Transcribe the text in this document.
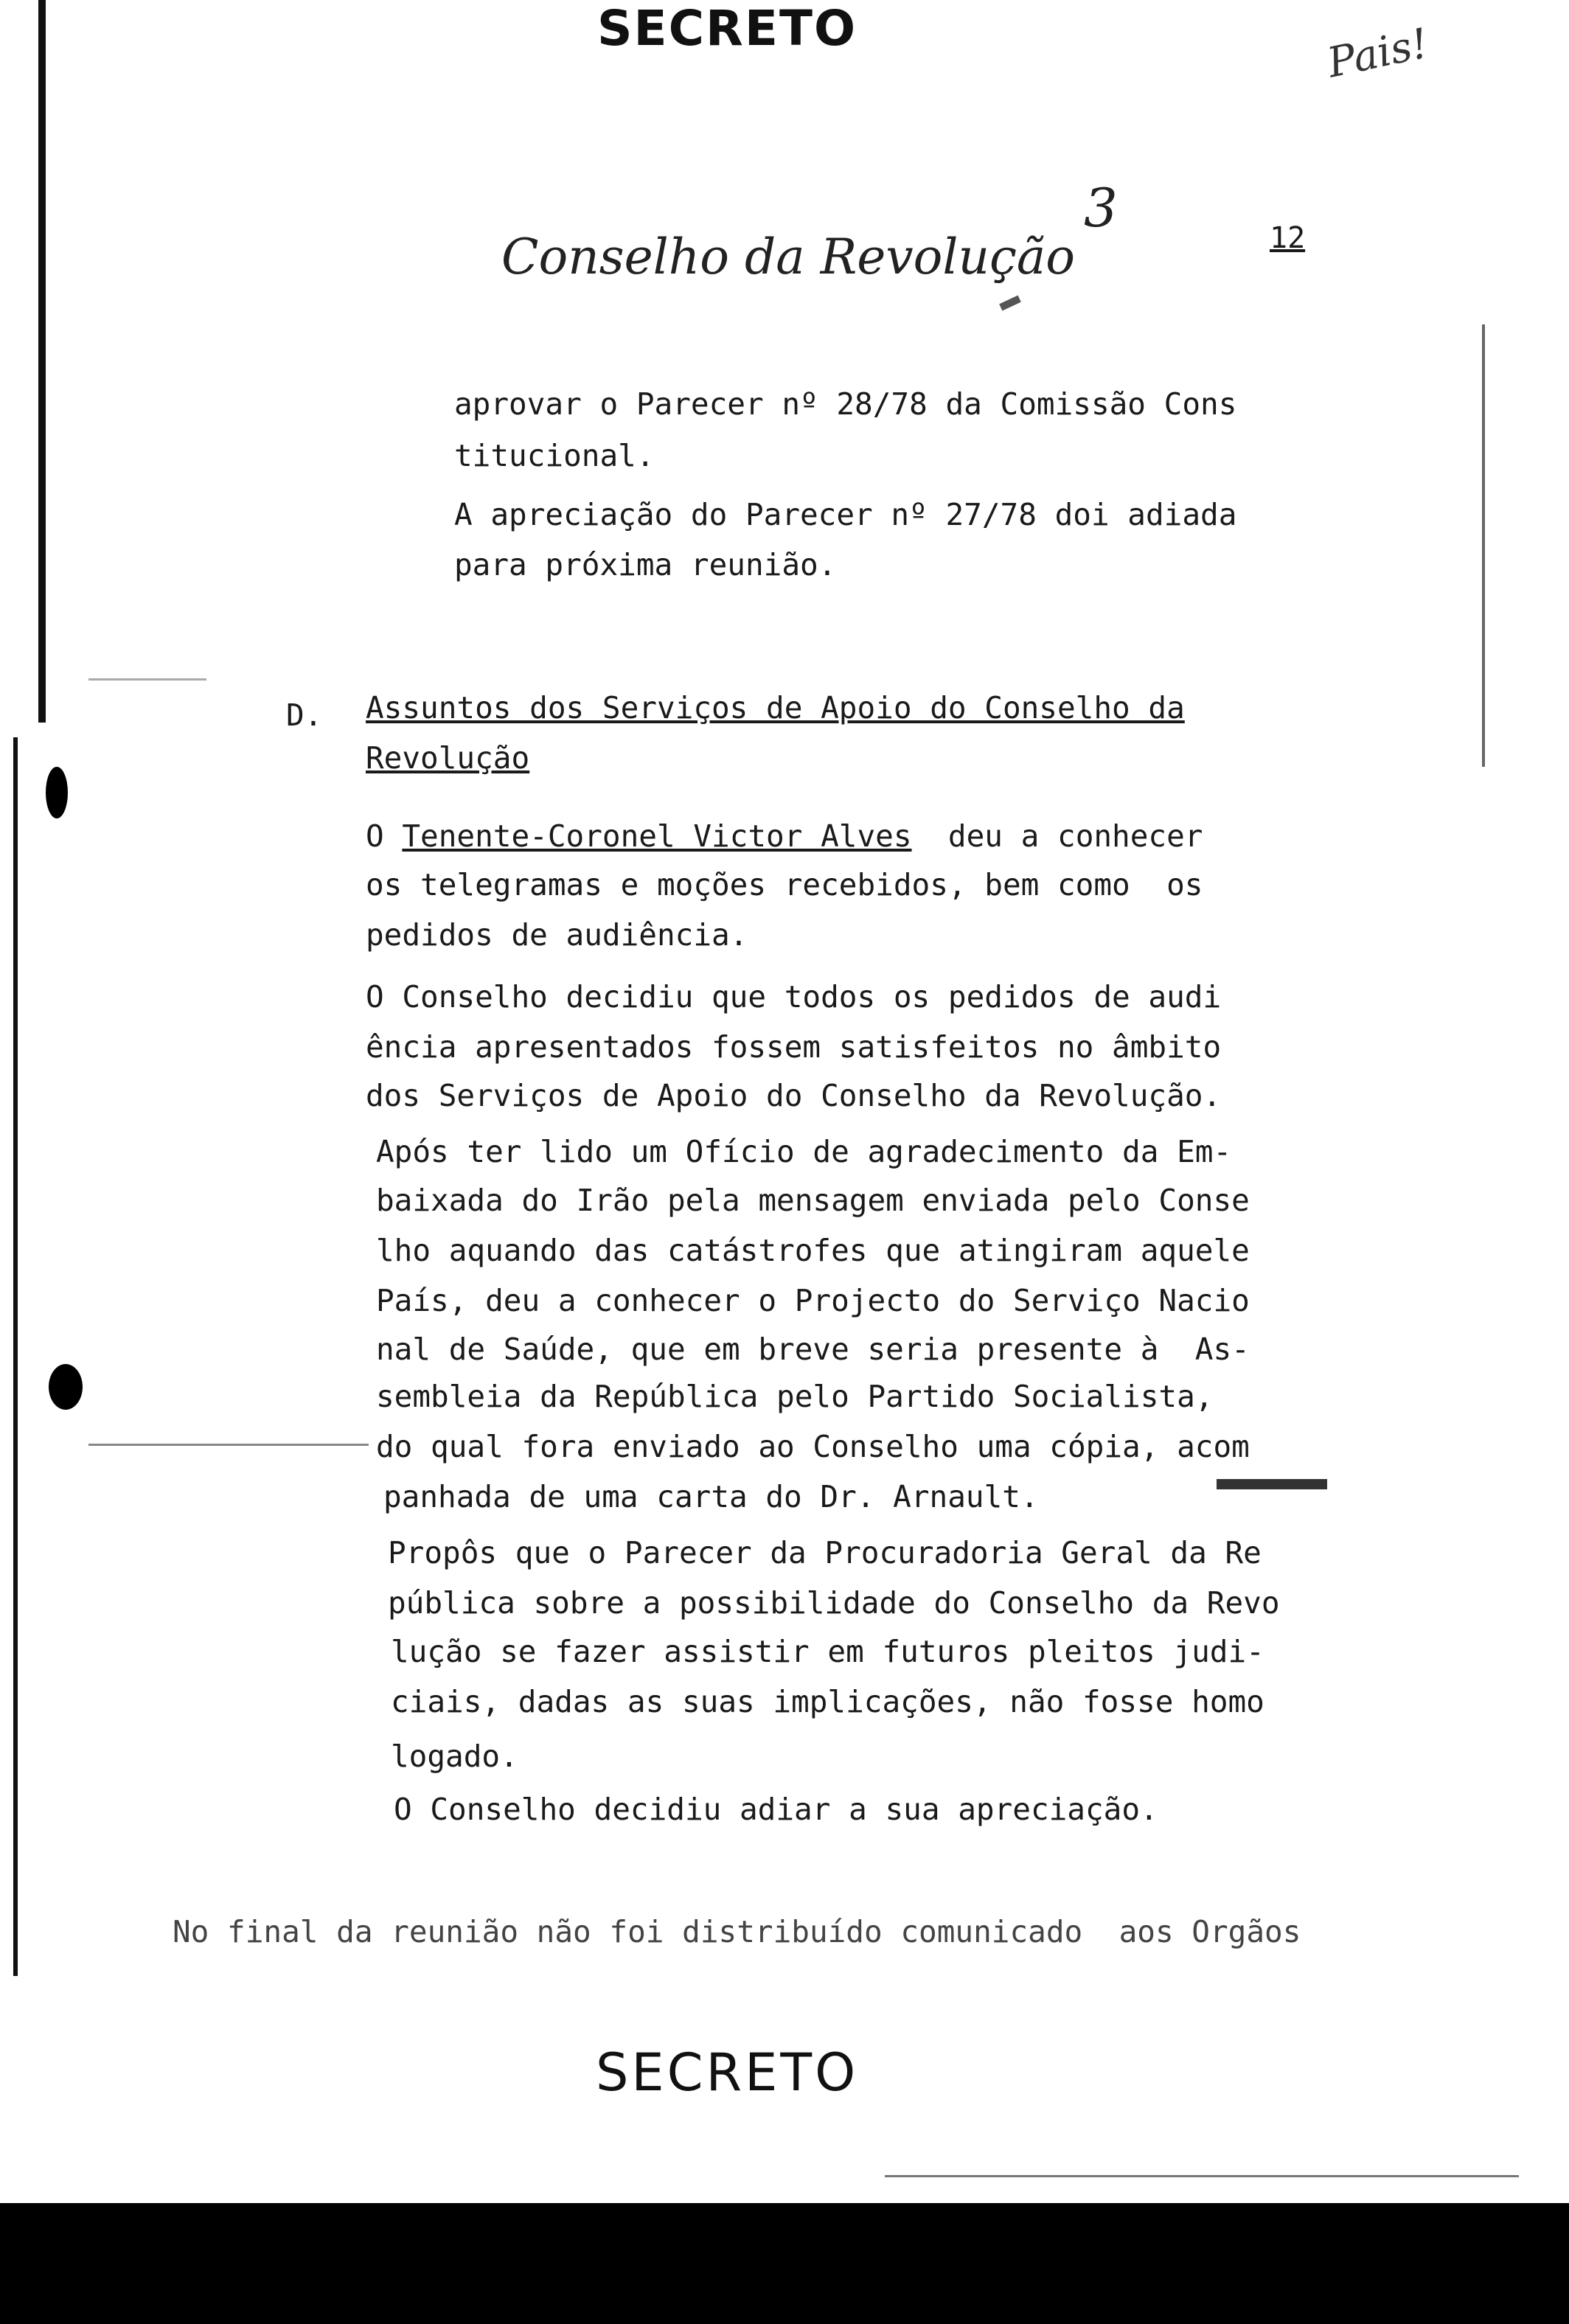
SECRETO	Pais!
3
Conselho da Revolução	12
aprovar o Parecer nº 28/78 da Comissão Cons
titucional.
A apreciação do Parecer nº 27/78 doi adiada
para próxima reunião.
D. Assuntos dos Serviços de Apoio do Conselho da
Revolução
O Tenente-Coronel Victor Alves  deu a conhecer
os telegramas e moções recebidos, bem como  os
pedidos de audiência.
O Conselho decidiu que todos os pedidos de audi
ência apresentados fossem satisfeitos no âmbito
dos Serviços de Apoio do Conselho da Revolução.
Após ter lido um Ofício de agradecimento da Em-
baixada do Irão pela mensagem enviada pelo Conse
lho aquando das catástrofes que atingiram aquele
País, deu a conhecer o Projecto do Serviço Nacio
nal de Saúde, que em breve seria presente à  As-
sembleia da República pelo Partido Socialista,
do qual fora enviado ao Conselho uma cópia, acom
panhada de uma carta do Dr. Arnault.
Propôs que o Parecer da Procuradoria Geral da Re
pública sobre a possibilidade do Conselho da Revo
lução se fazer assistir em futuros pleitos judi-
ciais, dadas as suas implicações, não fosse homo
logado.
O Conselho decidiu adiar a sua apreciação.
No final da reunião não foi distribuído comunicado  aos Orgãos
SECRETO
